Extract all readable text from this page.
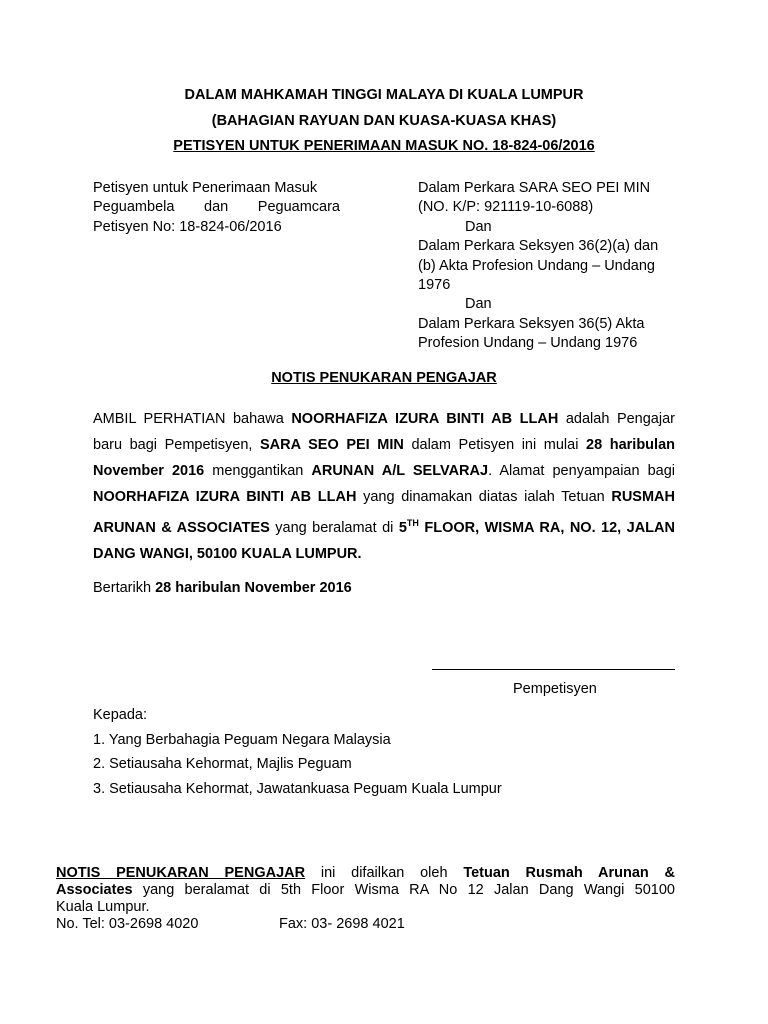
DALAM MAHKAMAH TINGGI MALAYA DI KUALA LUMPUR
(BAHAGIAN RAYUAN DAN KUASA-KUASA KHAS)
PETISYEN UNTUK PENERIMAAN MASUK NO. 18-824-06/2016
Petisyen untuk Penerimaan Masuk
Peguambela dan Peguamcara
Petisyen No: 18-824-06/2016
Dalam Perkara SARA SEO PEI MIN
(NO. K/P: 921119-10-6088)
Dan
Dalam Perkara Seksyen 36(2)(a) dan
(b) Akta Profesion Undang – Undang
1976
Dan
Dalam Perkara Seksyen 36(5) Akta
Profesion Undang – Undang 1976
NOTIS PENUKARAN PENGAJAR
AMBIL PERHATIAN bahawa NOORHAFIZA IZURA BINTI AB LLAH adalah Pengajar baru bagi Pempetisyen, SARA SEO PEI MIN dalam Petisyen ini mulai 28 haribulan November 2016 menggantikan ARUNAN A/L SELVARAJ. Alamat penyampaian bagi NOORHAFIZA IZURA BINTI AB LLAH yang dinamakan diatas ialah Tetuan RUSMAH ARUNAN & ASSOCIATES yang beralamat di 5TH FLOOR, WISMA RA, NO. 12, JALAN DANG WANGI, 50100 KUALA LUMPUR.
Bertarikh 28 haribulan November 2016
Pempetisyen
Kepada:
1. Yang Berbahagia Peguam Negara Malaysia
2. Setiausaha Kehormat, Majlis Peguam
3. Setiausaha Kehormat, Jawatankuasa Peguam Kuala Lumpur
NOTIS PENUKARAN PENGAJAR ini difailkan oleh Tetuan Rusmah Arunan &
Associates yang beralamat di 5th Floor Wisma RA No 12 Jalan Dang Wangi 50100
Kuala Lumpur.
No. Tel: 03-2698 4020	Fax: 03- 2698 4021
